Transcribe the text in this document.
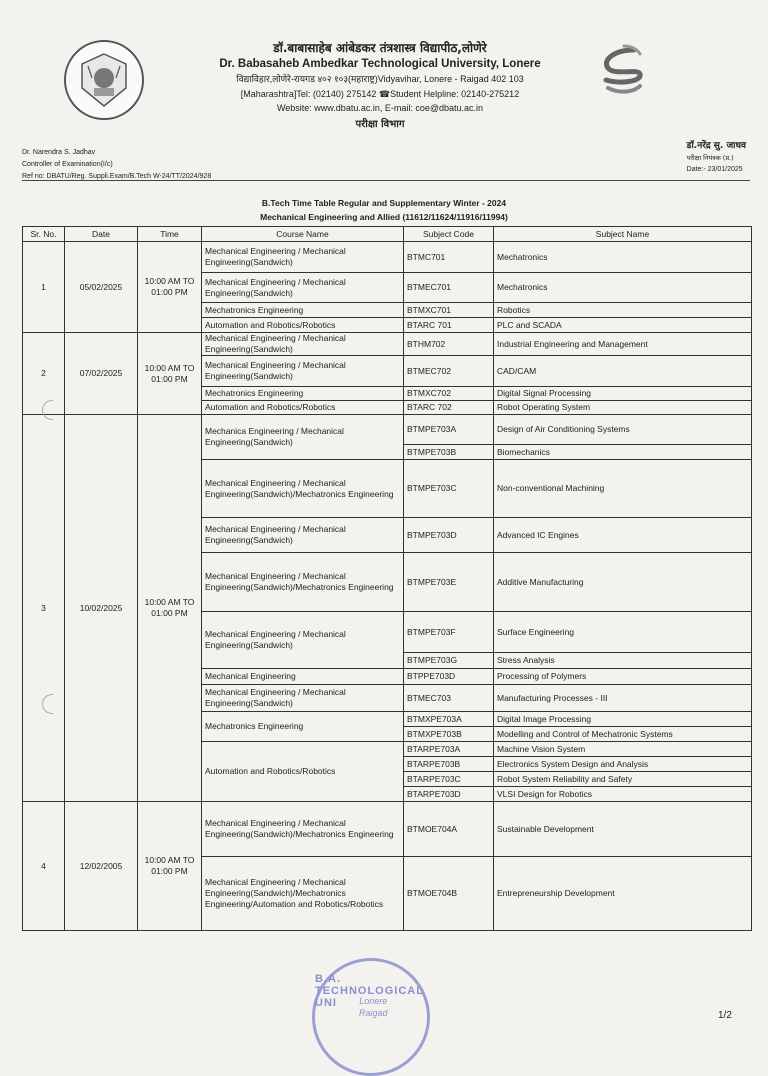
डॉ.बाबासाहेब आंबेडकर तंत्रशास्त्र विद्यापीठ,लोणेरे
Dr. Babasaheb Ambedkar Technological University, Lonere
विद्याविहार,लोणेरे-रायगड ४०२ १०३(महाराष्ट्र)Vidyavihar, Lonere - Raigad 402 103
[Maharashtra]Tel: (02140) 275142 ☎Student Helpline: 02140-275212
Website: www.dbatu.ac.in, E-mail: coe@dbatu.ac.in
परीक्षा विभाग
Dr. Narendra S. Jadhav
Controller of Examination(I/c)
Ref no: DBATU/Reg. Suppli.Exam/B.Tech W-24/TT/2024/928
डॉ.नरेंद्र सु. जाधव
परीक्षा नियंत्रक (प्र.)
Date:- 23/01/2025
B.Tech Time Table Regular and Supplementary Winter - 2024
Mechanical Engineering and Allied (11612/11624/11916/11994)
Sr. No.	Date	Time	Course Name	Subject Code	Subject Name
1	05/02/2025	10:00 AM TO 01:00 PM	Mechanical Engineering / Mechanical Engineering(Sandwich)	BTMC701	Mechatronics
			Mechanical Engineering / Mechanical Engineering(Sandwich)	BTMEC701	Mechatronics
			Mechatronics Engineering	BTMXC701	Robotics
			Automation and Robotics/Robotics	BTARC 701	PLC and SCADA
2	07/02/2025	10:00 AM TO 01:00 PM	Mechanical Engineering / Mechanical Engineering(Sandwich)	BTHM702	Industrial Engineering and Management
			Mechanical Engineering / Mechanical Engineering(Sandwich)	BTMEC702	CAD/CAM
			Mechatronics Engineering	BTMXC702	Digital Signal Processing
			Automation and Robotics/Robotics	BTARC 702	Robot Operating System
3	10/02/2025	10:00 AM TO 01:00 PM	Mechanica Engineering / Mechanical Engineering(Sandwich)	BTMPE703A	Design of Air Conditioning Systems
				BTMPE703B	Biomechanics
			Mechanical Engineering / Mechanical Engineering(Sandwich)/Mechatronics Engineering	BTMPE703C	Non-conventional Machining
			Mechanical Engineering / Mechanical Engineering(Sandwich)	BTMPE703D	Advanced IC Engines
			Mechanical Engineering / Mechanical Engineering(Sandwich)/Mechatronics Engineering	BTMPE703E	Additive Manufacturing
			Mechanical Engineering / Mechanical Engineering(Sandwich)	BTMPE703F	Surface Engineering
				BTMPE703G	Stress Analysis
			Mechanical Engineering	BTPPE703D	Processing of Polymers
			Mechanical Engineering / Mechanical Engineering(Sandwich)	BTMEC703	Manufacturing Processes - III
			Mechatronics Engineering	BTMXPE703A	Digital Image Processing
				BTMXPE703B	Modelling and Control of Mechatronic Systems
			Automation and Robotics/Robotics	BTARPE703A	Machine Vision System
				BTARPE703B	Electronics System Design and Analysis
				BTARPE703C	Robot System Reliability and Safety
				BTARPE703D	VLSI Design for Robotics
4	12/02/2005	10:00 AM TO 01:00 PM	Mechanical Engineering / Mechanical Engineering(Sandwich)/Mechatronics Engineering	BTMOE704A	Sustainable Development
			Mechanical Engineering / Mechanical Engineering(Sandwich)/Mechatronics Engineering/Automation and Robotics/Robotics	BTMOE704B	Entrepreneurship Development
B.A. TECHNOLOGICAL UNI	Lonere
Raigad	1/2
